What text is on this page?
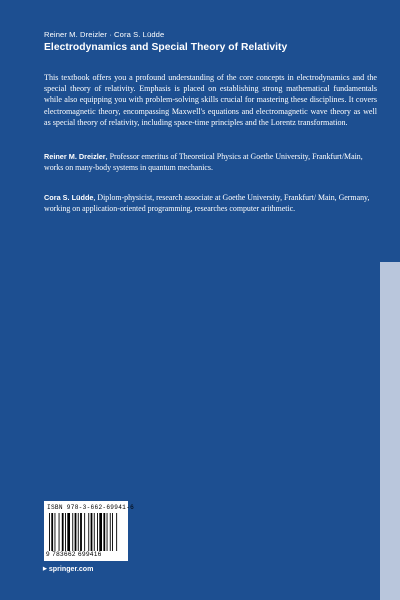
Reiner M. Dreizler · Cora S. Lüdde
Electrodynamics and Special Theory of Relativity

This textbook offers you a profound understanding of the core concepts in electrodynamics and the special theory of relativity. Emphasis is placed on establishing strong mathematical fundamentals while also equipping you with problem-solving skills crucial for mastering these disciplines. It covers electromagnetic theory, encompassing Maxwell's equations and electromagnetic wave theory as well as special theory of relativity, including space-time principles and the Lorentz transformation.

Reiner M. Dreizler, Professor emeritus of Theoretical Physics at Goethe University, Frankfurt/Main, works on many-body systems in quantum mechanics.

Cora S. Lüdde, Diplom-physicist, research associate at Goethe University, Frankfurt/ Main, Germany, working on application-oriented programming, researches computer arithmetic.

ISBN 978-3-662-69941-6
9 783662 699416
▶ springer.com
